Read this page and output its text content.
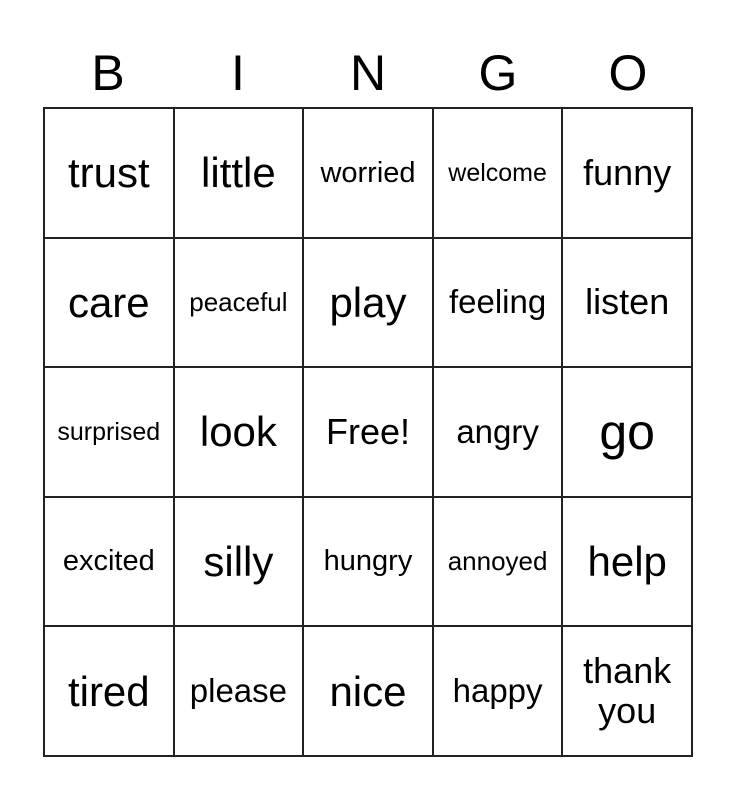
B	I	N	G	O
trust little worried welcome funny
care peaceful play feeling listen
surprised look Free! angry go
excited silly hungry annoyed help
tired please nice happy	thank you
